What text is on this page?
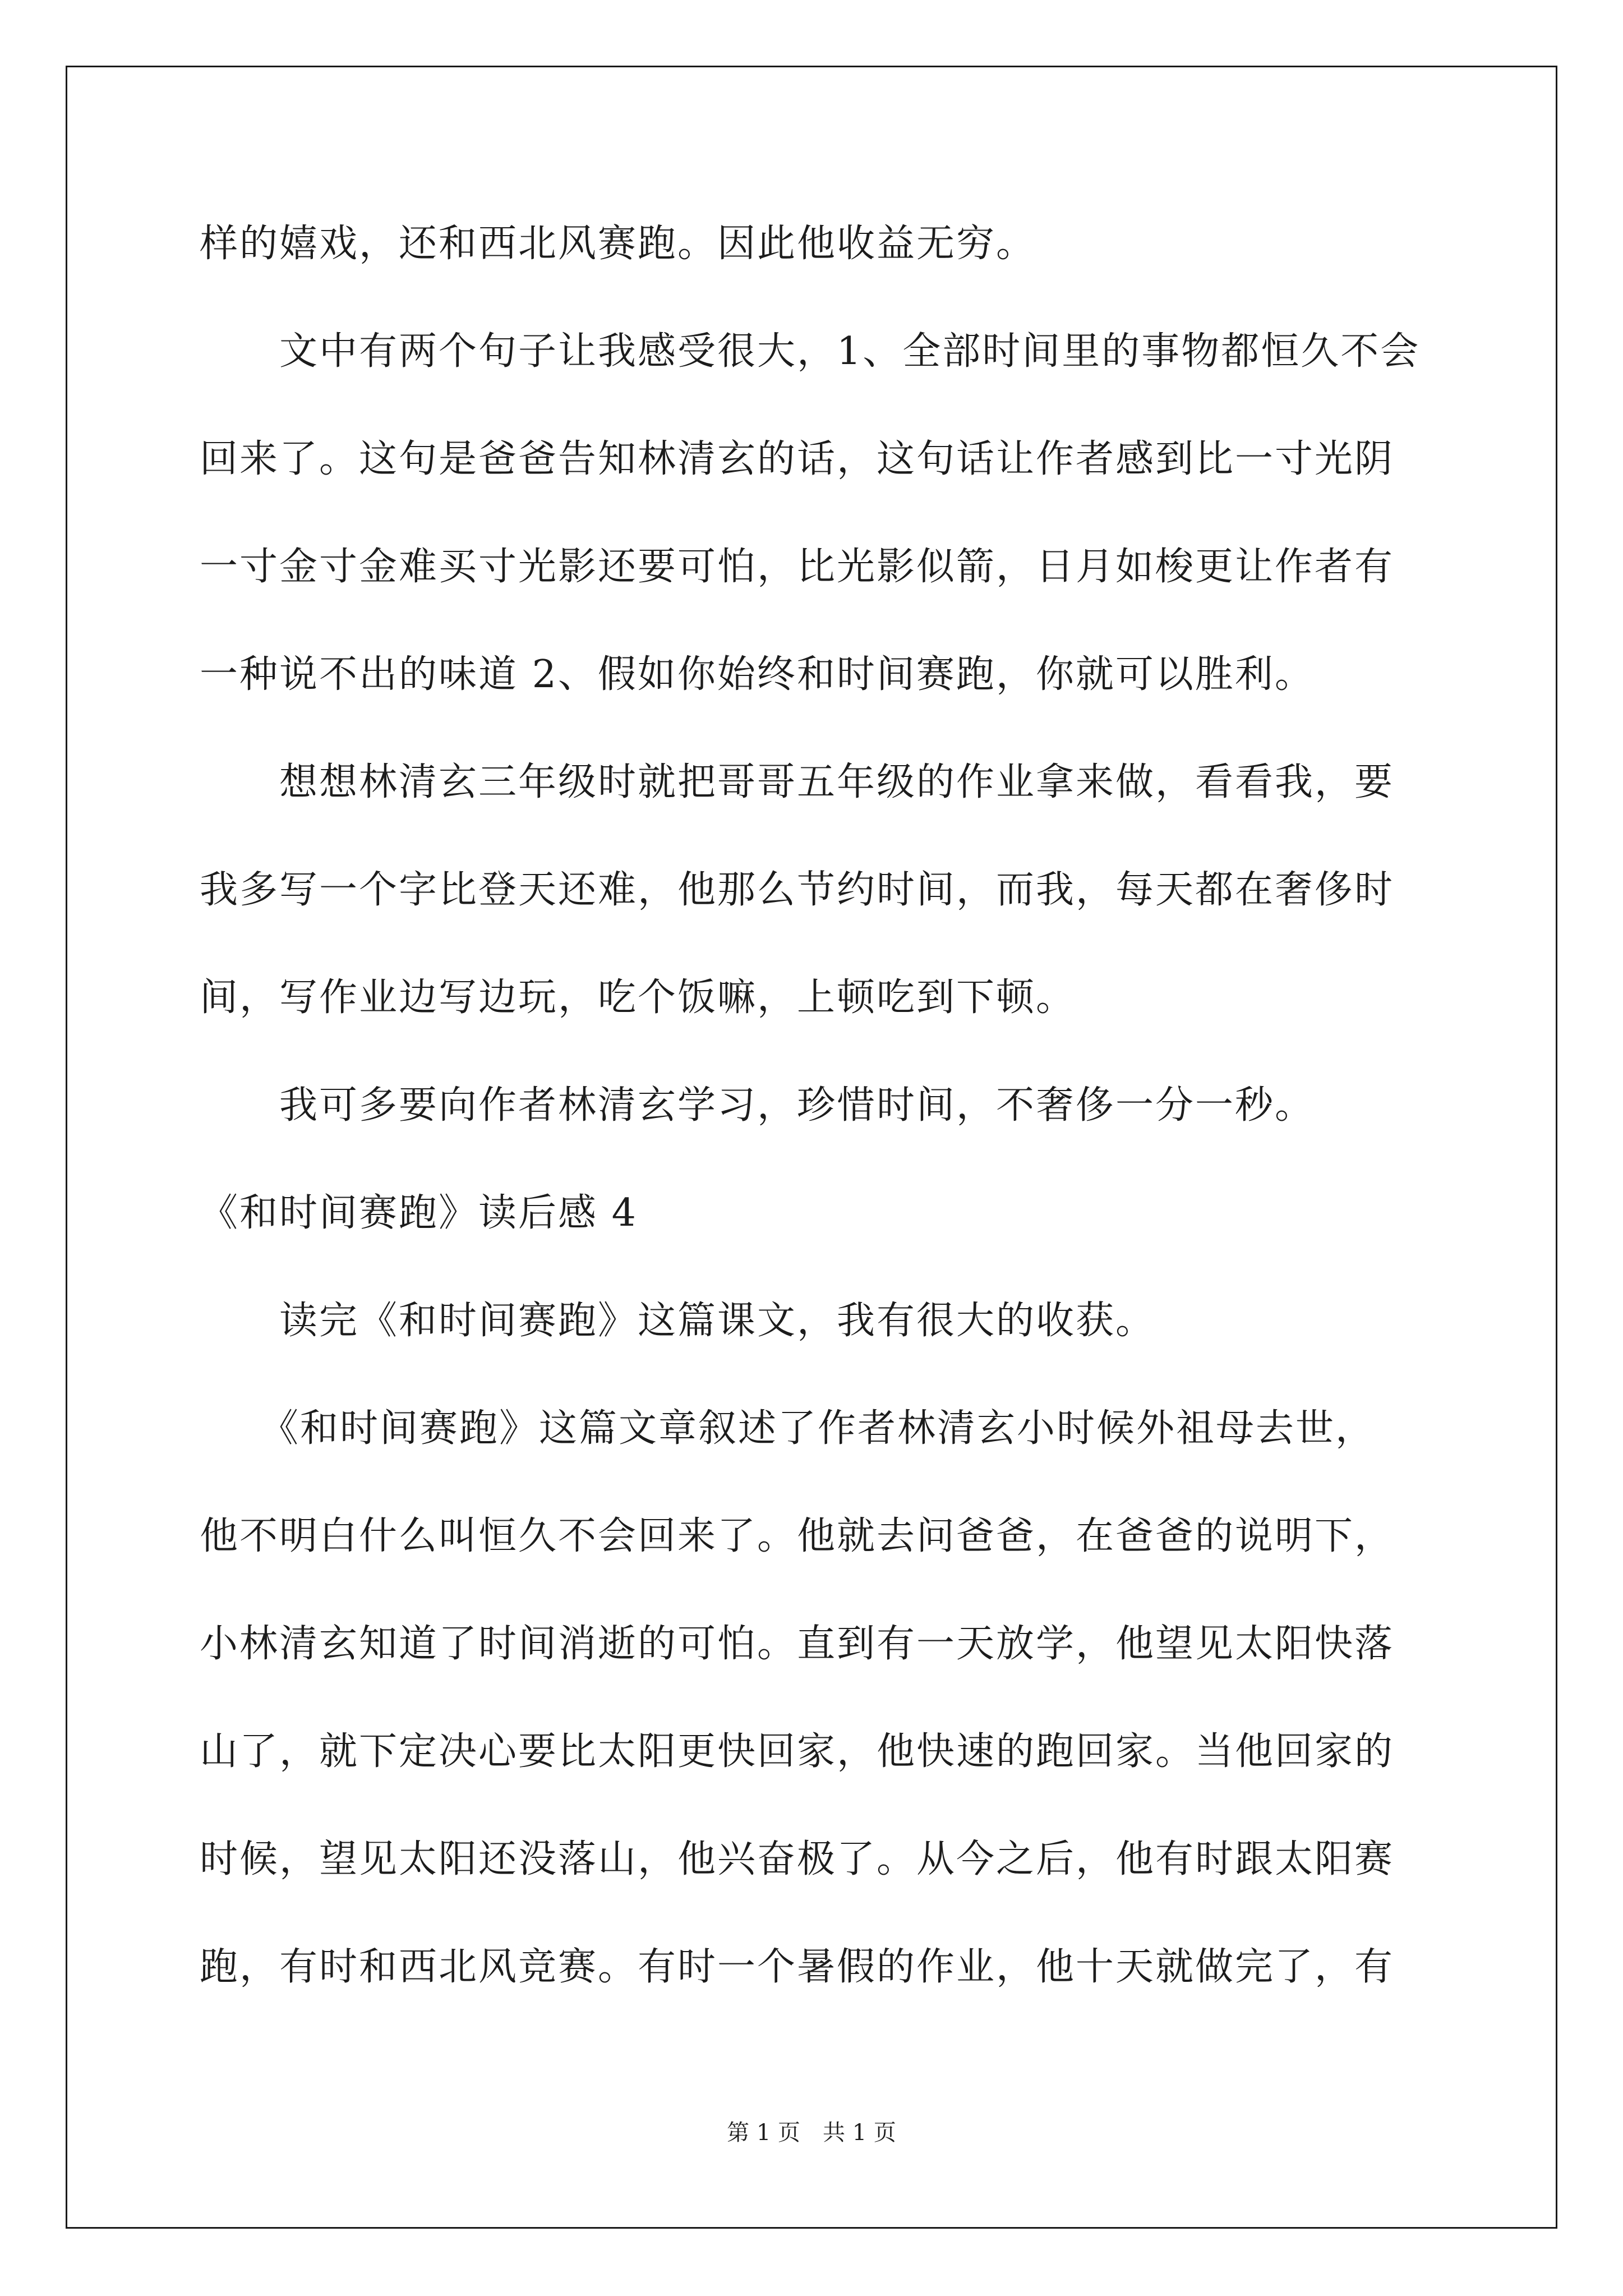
样的嬉戏，还和西北风赛跑。因此他收益无穷。
　　文中有两个句子让我感受很大，1、全部时间里的事物都恒久不会
回来了。这句是爸爸告知林清玄的话，这句话让作者感到比一寸光阴
一寸金寸金难买寸光影还要可怕，比光影似箭，日月如梭更让作者有
一种说不出的味道 2、假如你始终和时间赛跑，你就可以胜利。
　　想想林清玄三年级时就把哥哥五年级的作业拿来做，看看我，要
我多写一个字比登天还难，他那么节约时间，而我，每天都在奢侈时
间，写作业边写边玩，吃个饭嘛，上顿吃到下顿。
　　我可多要向作者林清玄学习，珍惜时间，不奢侈一分一秒。
《和时间赛跑》读后感 4
　　读完《和时间赛跑》这篇课文，我有很大的收获。
　　《和时间赛跑》这篇文章叙述了作者林清玄小时候外祖母去世，
他不明白什么叫恒久不会回来了。他就去问爸爸，在爸爸的说明下，
小林清玄知道了时间消逝的可怕。直到有一天放学，他望见太阳快落
山了，就下定决心要比太阳更快回家，他快速的跑回家。当他回家的
时候，望见太阳还没落山，他兴奋极了。从今之后，他有时跟太阳赛
跑，有时和西北风竞赛。有时一个暑假的作业，他十天就做完了，有
第 1 页　共 1 页
